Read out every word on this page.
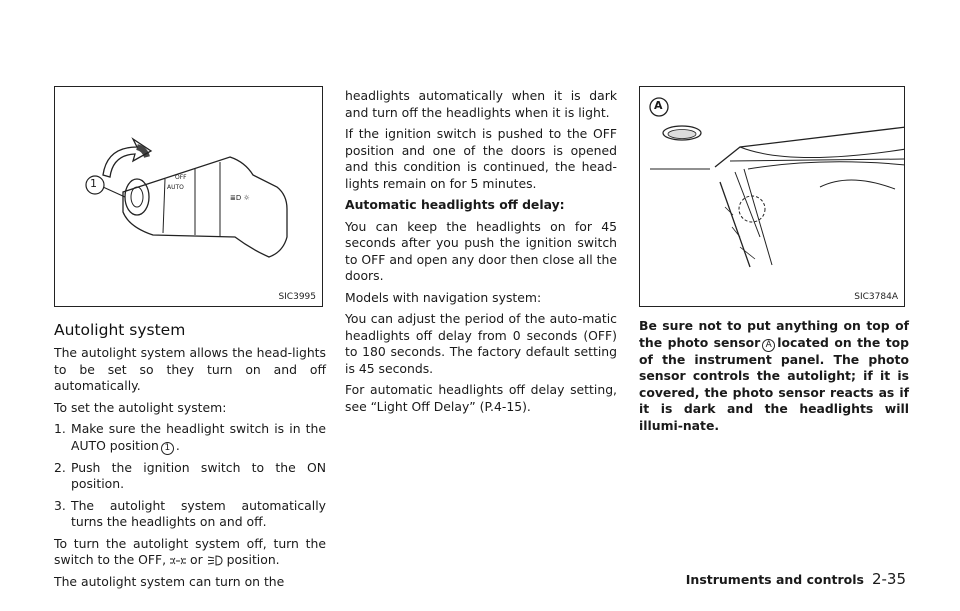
AUTO
OFF
≣D ☼
1
SIC3995
A
SIC3784A
Autolight system

The autolight system allows the head-lights to be set so they turn on and off automatically.

To set the autolight system:

1. Make sure the headlight switch is in the AUTO position 1 .
2. Push the ignition switch to the ON position.
3. The autolight system automatically turns the headlights on and off.

To turn the autolight system off, turn the switch to the OFF, or position.

The autolight system can turn on the

headlights automatically when it is dark and turn off the headlights when it is light.

If the ignition switch is pushed to the OFF position and one of the doors is opened and this condition is continued, the head-lights remain on for 5 minutes.

Automatic headlights off delay:

You can keep the headlights on for 45 seconds after you push the ignition switch to OFF and open any door then close all the doors.

Models with navigation system:

You can adjust the period of the auto-matic headlights off delay from 0 seconds (OFF) to 180 seconds. The factory default setting is 45 seconds.

For automatic headlights off delay setting, see “Light Off Delay” (P.4-15).

Be sure not to put anything on top of the photo sensor A located on the top of the instrument panel. The photo sensor controls the autolight; if it is covered, the photo sensor reacts as if it is dark and the headlights will illumi-nate.

Instruments and controls 2-35
